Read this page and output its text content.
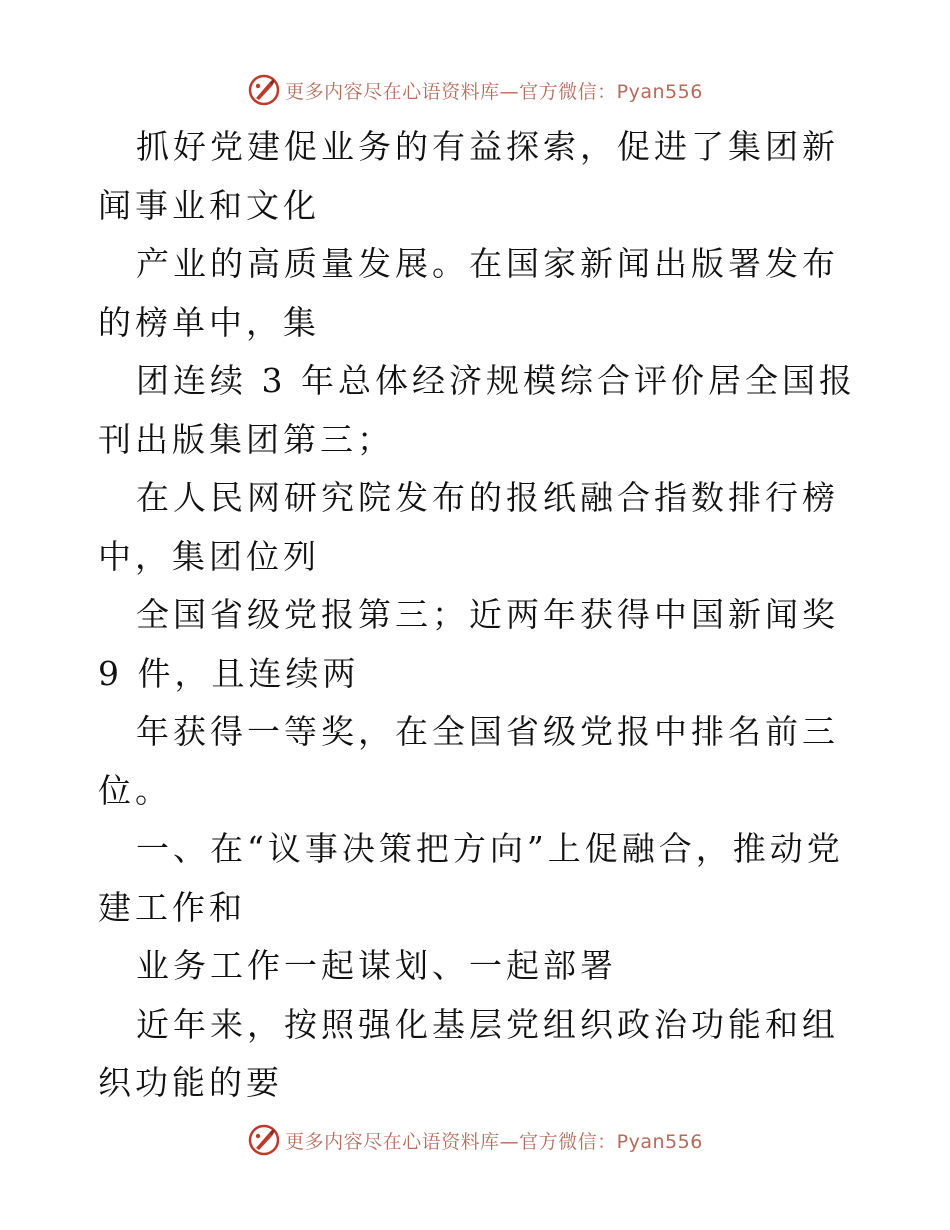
更多内容尽在心语资料库—官方微信：Pyan556

抓好党建促业务的有益探索，促进了集团新闻事业和文化

产业的高质量发展。在国家新闻出版署发布的榜单中，集

团连续 3 年总体经济规模综合评价居全国报刊出版集团第三；

在人民网研究院发布的报纸融合指数排行榜中，集团位列

全国省级党报第三；近两年获得中国新闻奖 9 件，且连续两

年获得一等奖，在全国省级党报中排名前三位。

一、在“议事决策把方向”上促融合，推动党建工作和

业务工作一起谋划、一起部署

近年来，按照强化基层党组织政治功能和组织功能的要

更多内容尽在心语资料库—官方微信：Pyan556
